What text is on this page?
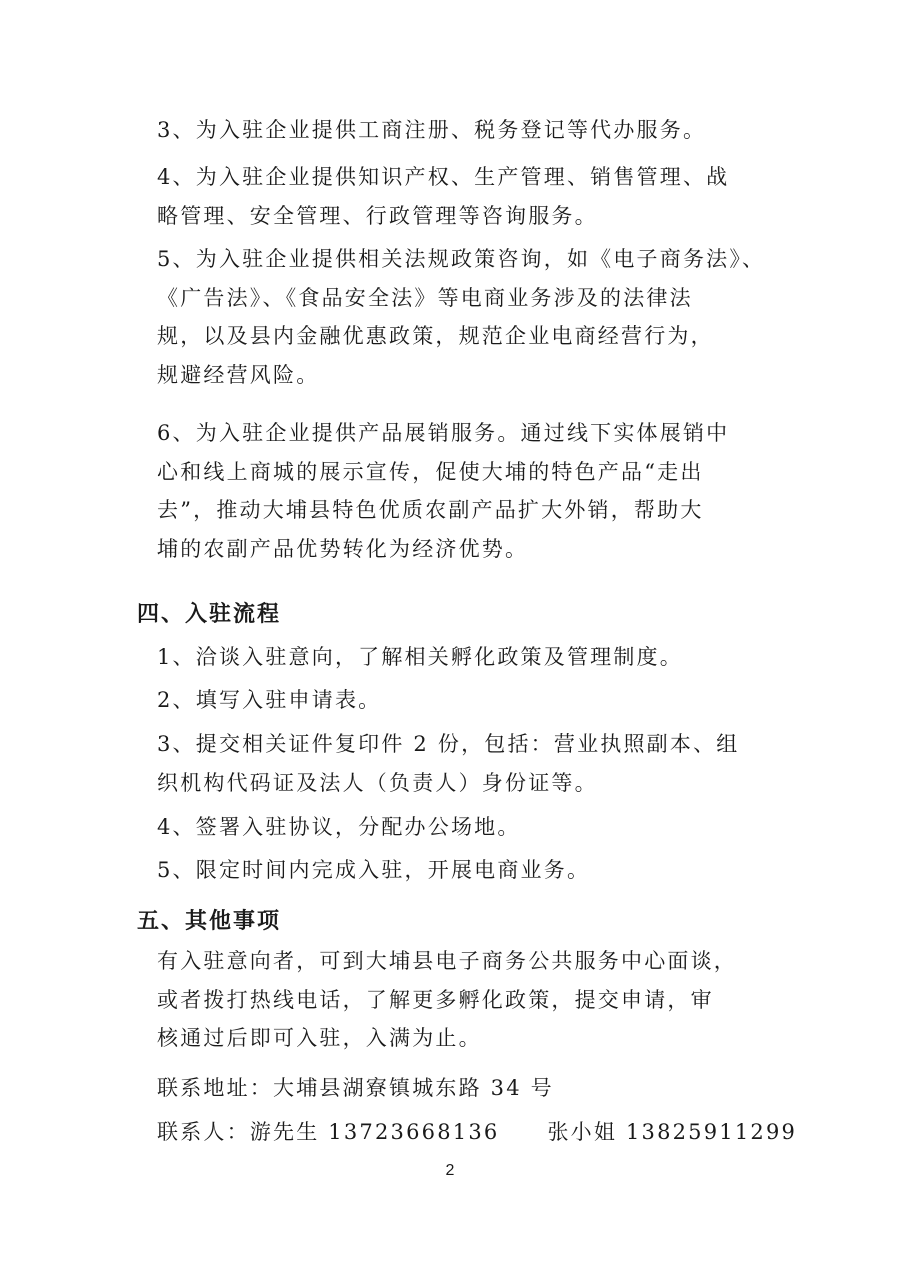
3、为入驻企业提供工商注册、税务登记等代办服务。
4、为入驻企业提供知识产权、生产管理、销售管理、战
略管理、安全管理、行政管理等咨询服务。
5、为入驻企业提供相关法规政策咨询，如《电子商务法》、
《广告法》、《食品安全法》等电商业务涉及的法律法
规，以及县内金融优惠政策，规范企业电商经营行为，
规避经营风险。
6、为入驻企业提供产品展销服务。通过线下实体展销中
心和线上商城的展示宣传，促使大埔的特色产品“走出
去”，推动大埔县特色优质农副产品扩大外销，帮助大
埔的农副产品优势转化为经济优势。
四、入驻流程
1、洽谈入驻意向，了解相关孵化政策及管理制度。
2、填写入驻申请表。
3、提交相关证件复印件 2 份，包括：营业执照副本、组
织机构代码证及法人（负责人）身份证等。
4、签署入驻协议，分配办公场地。
5、限定时间内完成入驻，开展电商业务。
五、其他事项
有入驻意向者，可到大埔县电子商务公共服务中心面谈，
或者拨打热线电话，了解更多孵化政策，提交申请，审
核通过后即可入驻，入满为止。
联系地址：大埔县湖寮镇城东路 34 号
联系人：游先生 13723668136 张小姐 13825911299
2
